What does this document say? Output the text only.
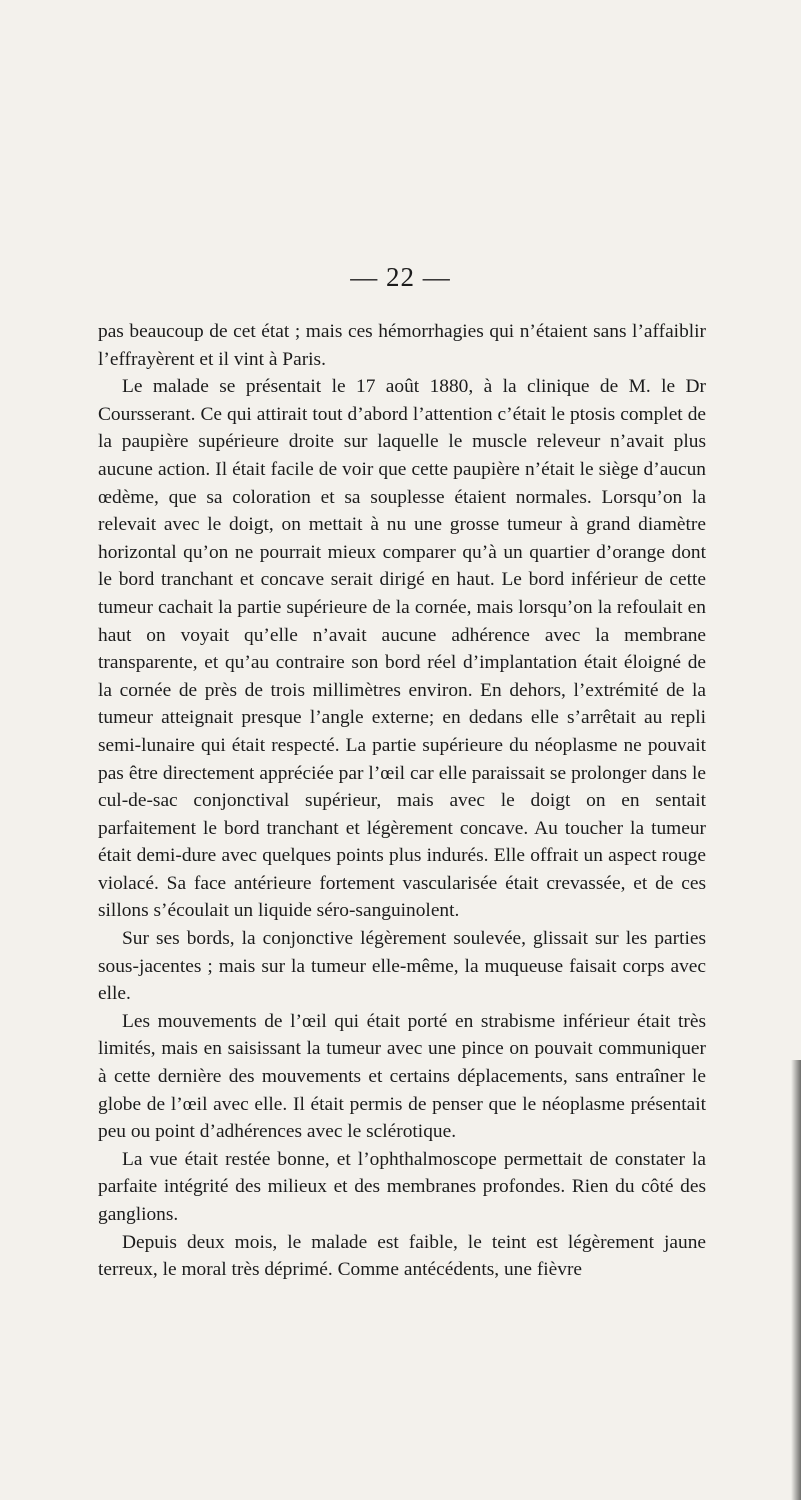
— 22 —

pas beaucoup de cet état ; mais ces hémorrhagies qui n’étaient sans l’affaiblir l’effrayèrent et il vint à Paris.

Le malade se présentait le 17 août 1880, à la clinique de M. le Dr Coursserant. Ce qui attirait tout d’abord l’attention c’était le ptosis complet de la paupière supérieure droite sur laquelle le muscle releveur n’avait plus aucune action. Il était facile de voir que cette paupière n’était le siège d’aucun œdème, que sa coloration et sa souplesse étaient normales. Lorsqu’on la relevait avec le doigt, on mettait à nu une grosse tumeur à grand diamètre horizontal qu’on ne pourrait mieux comparer qu’à un quartier d’orange dont le bord tranchant et concave serait dirigé en haut. Le bord inférieur de cette tumeur cachait la partie supérieure de la cornée, mais lorsqu’on la refoulait en haut on voyait qu’elle n’avait aucune adhérence avec la membrane transparente, et qu’au contraire son bord réel d’implantation était éloigné de la cornée de près de trois millimètres environ. En dehors, l’extrémité de la tumeur atteignait presque l’angle externe; en dedans elle s’arrêtait au repli semi-lunaire qui était respecté. La partie supérieure du néoplasme ne pouvait pas être directement appréciée par l’œil car elle paraissait se prolonger dans le cul-de-sac conjonctival supérieur, mais avec le doigt on en sentait parfaitement le bord tranchant et légèrement concave. Au toucher la tumeur était demi-dure avec quelques points plus indurés. Elle offrait un aspect rouge violacé. Sa face antérieure fortement vascularisée était crevassée, et de ces sillons s’écoulait un liquide séro-sanguinolent.

Sur ses bords, la conjonctive légèrement soulevée, glissait sur les parties sous-jacentes ; mais sur la tumeur elle-même, la muqueuse faisait corps avec elle.

Les mouvements de l’œil qui était porté en strabisme inférieur était très limités, mais en saisissant la tumeur avec une pince on pouvait communiquer à cette dernière des mouvements et certains déplacements, sans entraîner le globe de l’œil avec elle. Il était permis de penser que le néoplasme présentait peu ou point d’adhérences avec le sclérotique.

La vue était restée bonne, et l’ophthalmoscope permettait de constater la parfaite intégrité des milieux et des membranes profondes. Rien du côté des ganglions.

Depuis deux mois, le malade est faible, le teint est légèrement jaune terreux, le moral très déprimé. Comme antécédents, une fièvre
